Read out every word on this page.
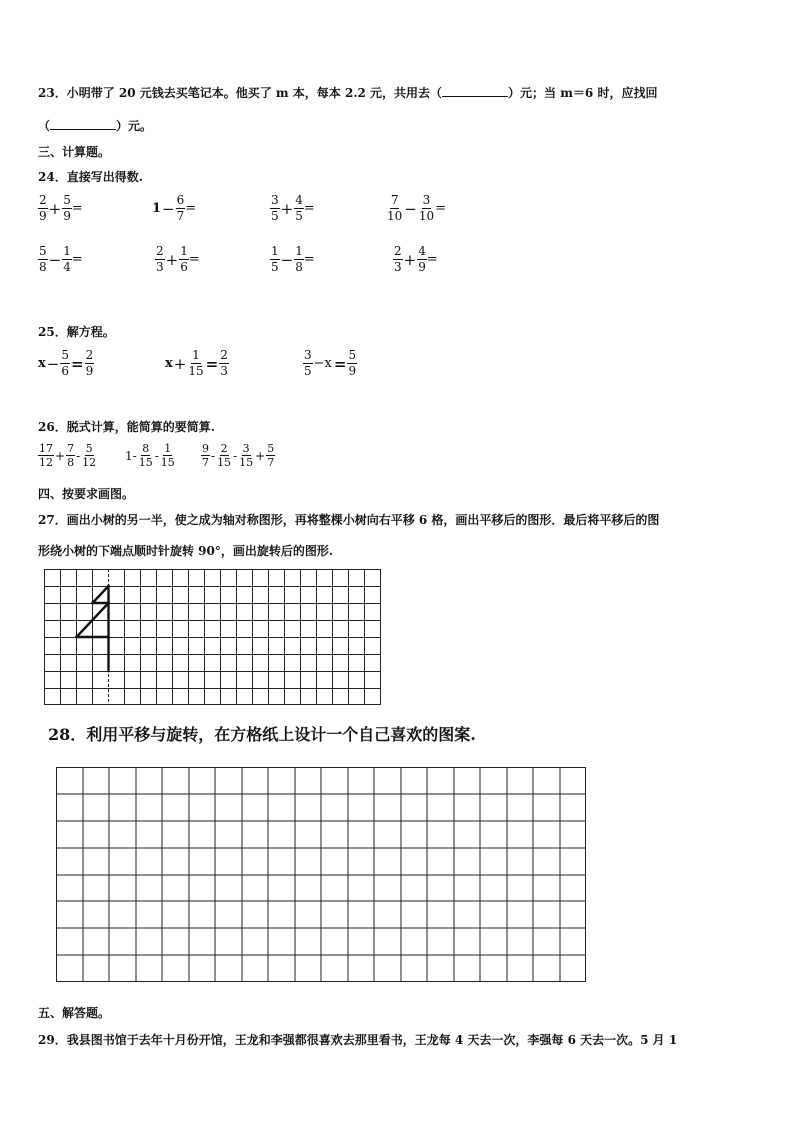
23．小明带了 20 元钱去买笔记本。他买了 m 本，每本 2.2 元，共用去（	）元；当 m＝6 时，应找回
（	）元。
三、计算题。
24．直接写出得数.
$\frac{2}{9} + \frac{5}{9}$ =	$1 - \frac{6}{7}$ =	$\frac{3}{5} + \frac{4}{5}$ =	$\frac{7}{10} - \frac{3}{10}$ =
$\frac{5}{8} - \frac{1}{4}$ =	$\frac{2}{3} + \frac{1}{6}$ =	$\frac{1}{5} - \frac{1}{8}$ =	$\frac{2}{3} + \frac{4}{9}$ =
25．解方程。
$x - \frac{5}{6} = \frac{2}{9}$	$x + \frac{1}{15} = \frac{2}{3}$	$\frac{3}{5} -x = \frac{5}{9}$
26．脱式计算，能简算的要简算.
$\frac{17}{12} + \frac{7}{8} - \frac{5}{12} 1- \frac{8}{15} - \frac{1}{15} \frac{9}{7} - \frac{2}{15} - \frac{3}{15} + \frac{5}{7}$
四、按要求画图。
27．画出小树的另一半，使之成为轴对称图形，再将整棵小树向右平移 6 格，画出平移后的图形．最后将平移后的图
形绕小树的下端点顺时针旋转 90°，画出旋转后的图形.
28．利用平移与旋转，在方格纸上设计一个自己喜欢的图案.
五、解答题。
29．我县图书馆于去年十月份开馆，王龙和李强都很喜欢去那里看书，王龙每 4 天去一次，李强每 6 天去一次。5 月 1
